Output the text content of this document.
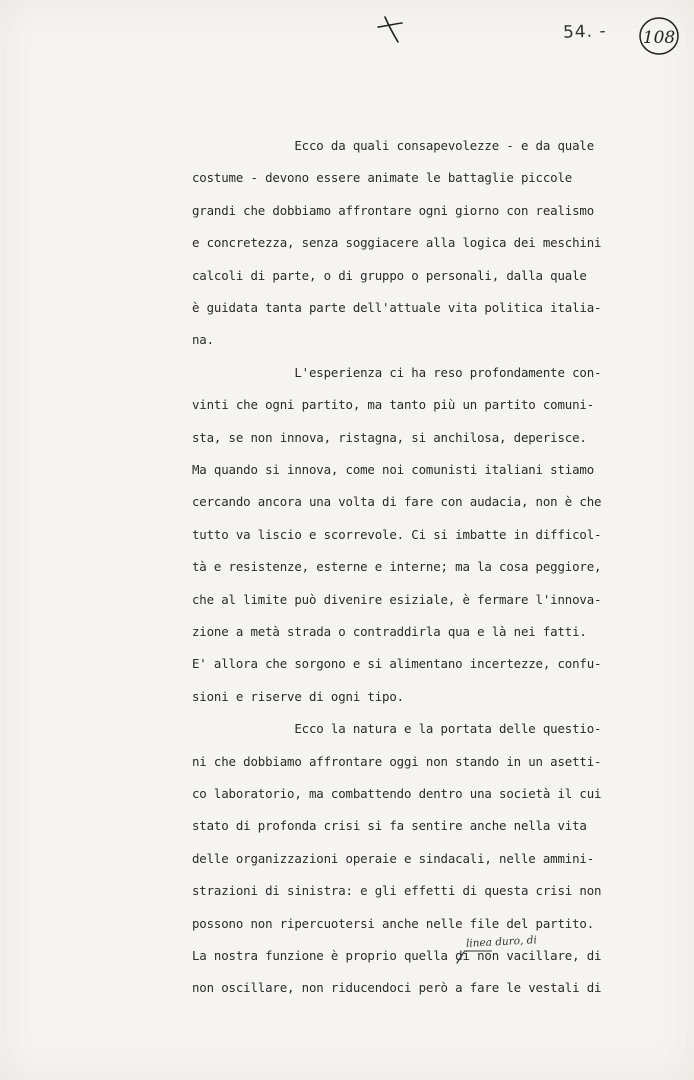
54. - 108
linea duro, di
Ecco da quali consapevolezze - e da quale
costume - devono essere animate le battaglie piccole
grandi che dobbiamo affrontare ogni giorno con realismo
e concretezza, senza soggiacere alla logica dei meschini
calcoli di parte, o di gruppo o personali, dalla quale
è guidata tanta parte dell'attuale vita politica italia-
na.
L'esperienza ci ha reso profondamente con-
vinti che ogni partito, ma tanto più un partito comuni-
sta, se non innova, ristagna, si anchilosa, deperisce.
Ma quando si innova, come noi comunisti italiani stiamo
cercando ancora una volta di fare con audacia, non è che
tutto va liscio e scorrevole. Ci si imbatte in difficol-
tà e resistenze, esterne e interne; ma la cosa peggiore,
che al limite può divenire esiziale, è fermare l'innova-
zione a metà strada o contraddirla qua e là nei fatti.
E' allora che sorgono e si alimentano incertezze, confu-
sioni e riserve di ogni tipo.
Ecco la natura e la portata delle questio-
ni che dobbiamo affrontare oggi non stando in un asetti-
co laboratorio, ma combattendo dentro una società il cui
stato di profonda crisi si fa sentire anche nella vita
delle organizzazioni operaie e sindacali, nelle ammini-
strazioni di sinistra: e gli effetti di questa crisi non
possono non ripercuotersi anche nelle file del partito.
La nostra funzione è proprio quella di non vacillare, di
non oscillare, non riducendoci però a fare le vestali di
